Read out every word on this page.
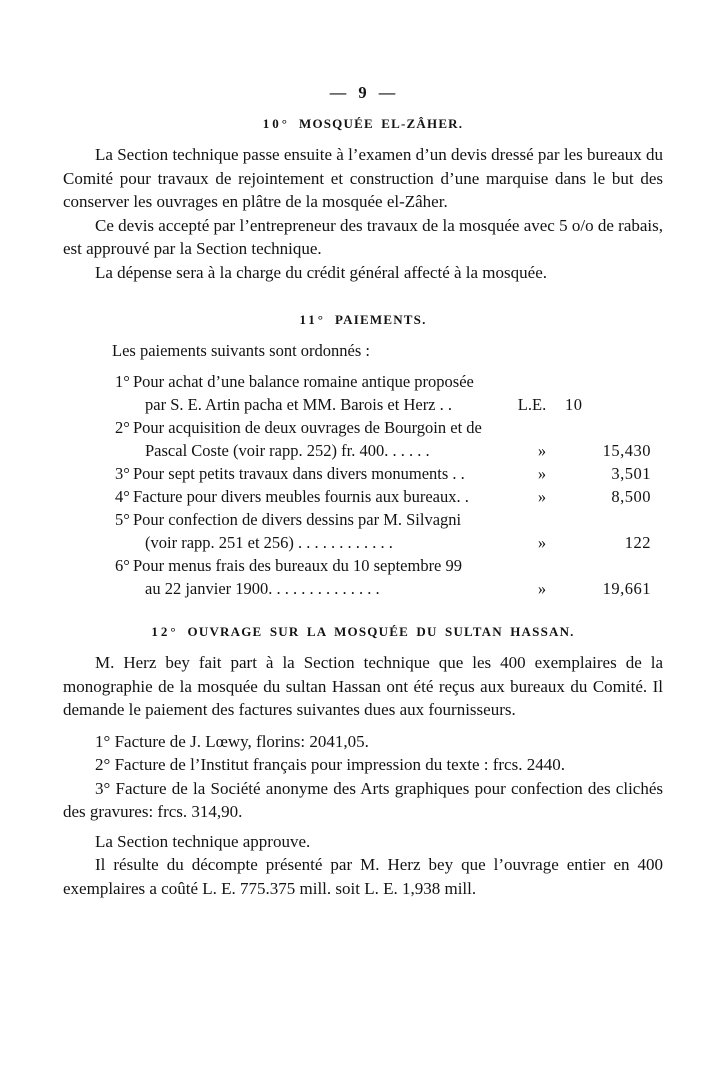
— 9 —
10° MOSQUÉE EL-ZÂHER.

La Section technique passe ensuite à l’examen d’un devis dressé par les bureaux du Comité pour travaux de rejointement et construction d’une marquise dans le but des conserver les ouvrages en plâtre de la mosquée el-Zâher.

Ce devis accepté par l’entrepreneur des travaux de la mosquée avec 5 o/o de rabais, est approuvé par la Section technique.

La dépense sera à la charge du crédit général affecté à la mosquée.

11° PAIEMENTS.
Les paiements suivants sont ordonnés :
1° Pour achat d’une balance romaine antique proposée
par S. E. Artin pacha et MM. Barois et Herz . .	L.E.	10
2° Pour acquisition de deux ouvrages de Bourgoin et de
Pascal Coste (voir rapp. 252) fr. 400. . . . . .	»	15,430
3° Pour sept petits travaux dans divers monuments . .	»	3,501
4° Facture pour divers meubles fournis aux bureaux. .	»	8,500
5° Pour confection de divers dessins par M. Silvagni
(voir rapp. 251 et 256) . . . . . . . . . . . .	»	122
6° Pour menus frais des bureaux du 10 septembre 99
au 22 janvier 1900. . . . . . . . . . . . . .	»	19,661
12° OUVRAGE SUR LA MOSQUÉE DU SULTAN HASSAN.

M. Herz bey fait part à la Section technique que les 400 exemplaires de la monographie de la mosquée du sultan Hassan ont été reçus aux bureaux du Comité. Il demande le paiement des factures suivantes dues aux fournisseurs.

1° Facture de J. Lœwy, florins: 2041,05.

2° Facture de l’Institut français pour impression du texte : frcs. 2440.

3° Facture de la Société anonyme des Arts graphiques pour confection des clichés des gravures: frcs. 314,90.

La Section technique approuve.

Il résulte du décompte présenté par M. Herz bey que l’ouvrage entier en 400 exemplaires a coûté L. E. 775.375 mill. soit L. E. 1,938 mill.
